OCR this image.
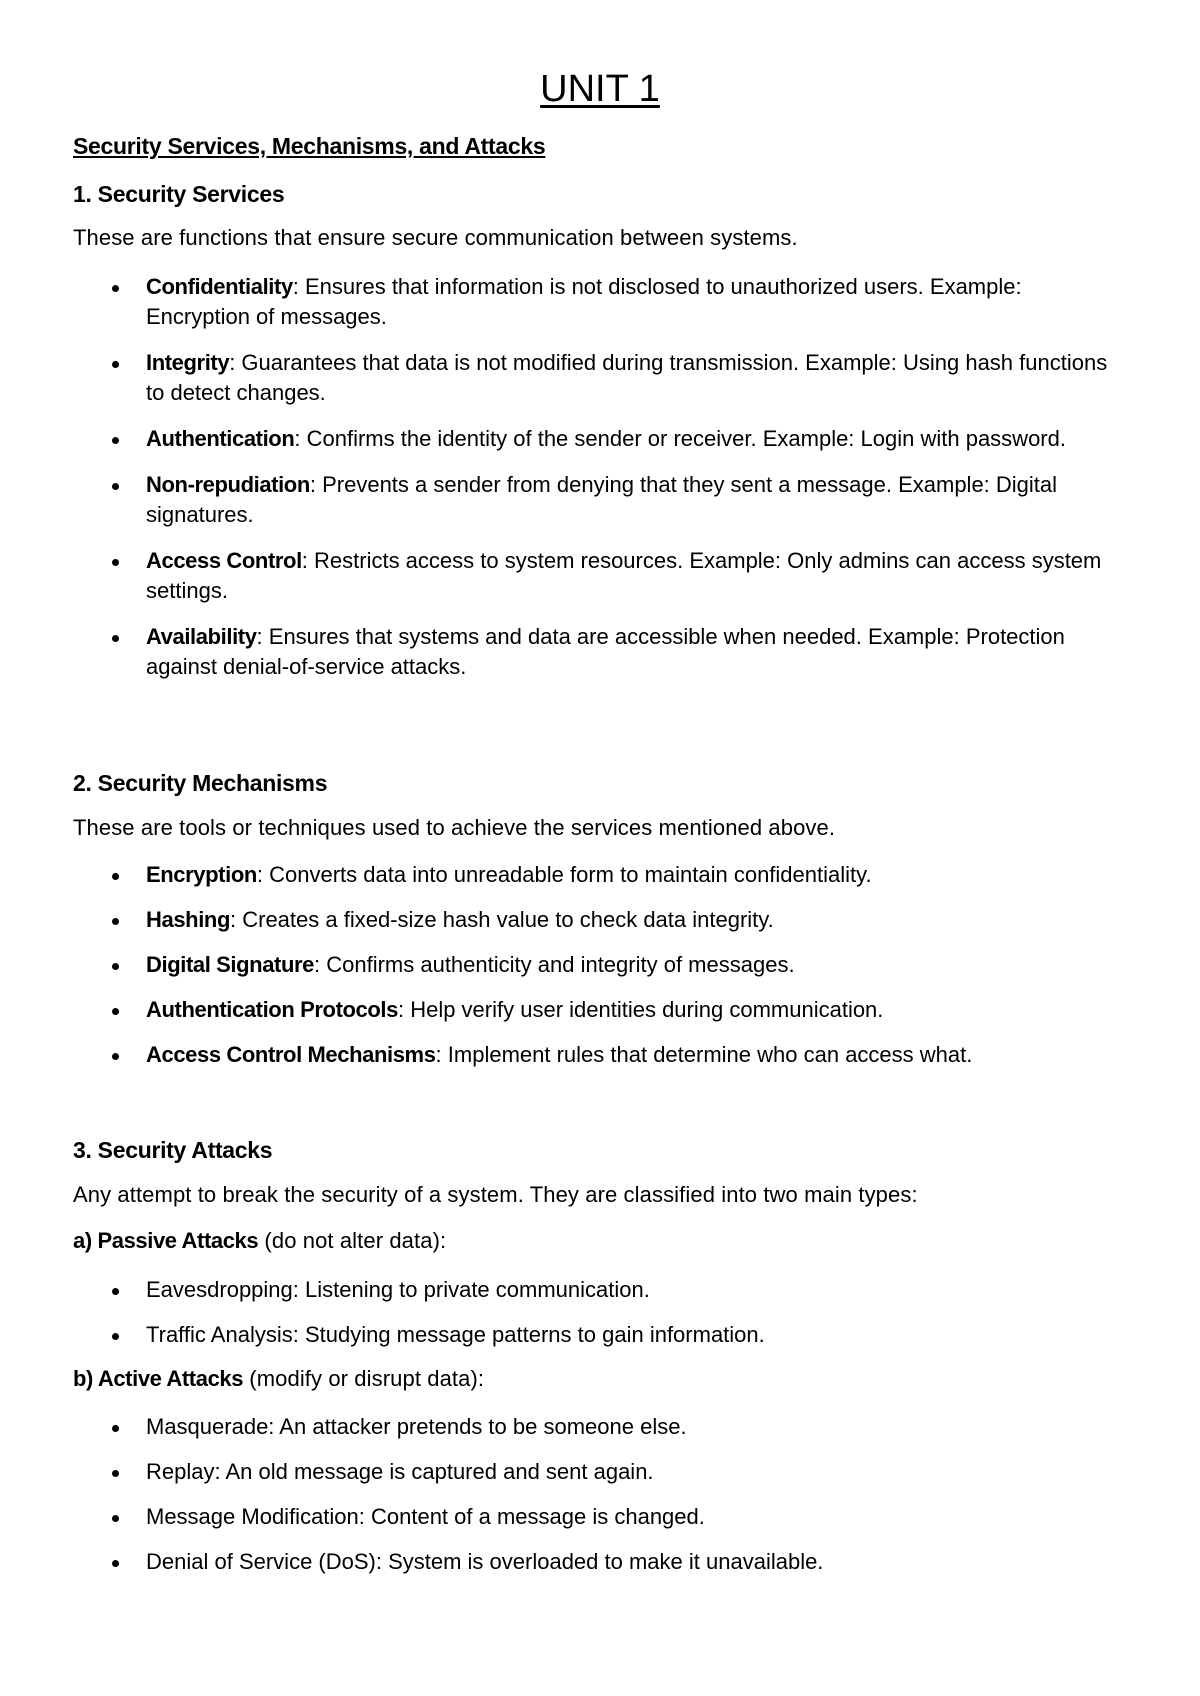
UNIT 1
Security Services, Mechanisms, and Attacks
1. Security Services
These are functions that ensure secure communication between systems.
Confidentiality: Ensures that information is not disclosed to unauthorized users. Example: Encryption of messages.
Integrity: Guarantees that data is not modified during transmission. Example: Using hash functions to detect changes.
Authentication: Confirms the identity of the sender or receiver. Example: Login with password.
Non-repudiation: Prevents a sender from denying that they sent a message. Example: Digital signatures.
Access Control: Restricts access to system resources. Example: Only admins can access system settings.
Availability: Ensures that systems and data are accessible when needed. Example: Protection against denial-of-service attacks.
2. Security Mechanisms
These are tools or techniques used to achieve the services mentioned above.
Encryption: Converts data into unreadable form to maintain confidentiality.
Hashing: Creates a fixed-size hash value to check data integrity.
Digital Signature: Confirms authenticity and integrity of messages.
Authentication Protocols: Help verify user identities during communication.
Access Control Mechanisms: Implement rules that determine who can access what.
3. Security Attacks
Any attempt to break the security of a system. They are classified into two main types:
a) Passive Attacks (do not alter data):
Eavesdropping: Listening to private communication.
Traffic Analysis: Studying message patterns to gain information.
b) Active Attacks (modify or disrupt data):
Masquerade: An attacker pretends to be someone else.
Replay: An old message is captured and sent again.
Message Modification: Content of a message is changed.
Denial of Service (DoS): System is overloaded to make it unavailable.
